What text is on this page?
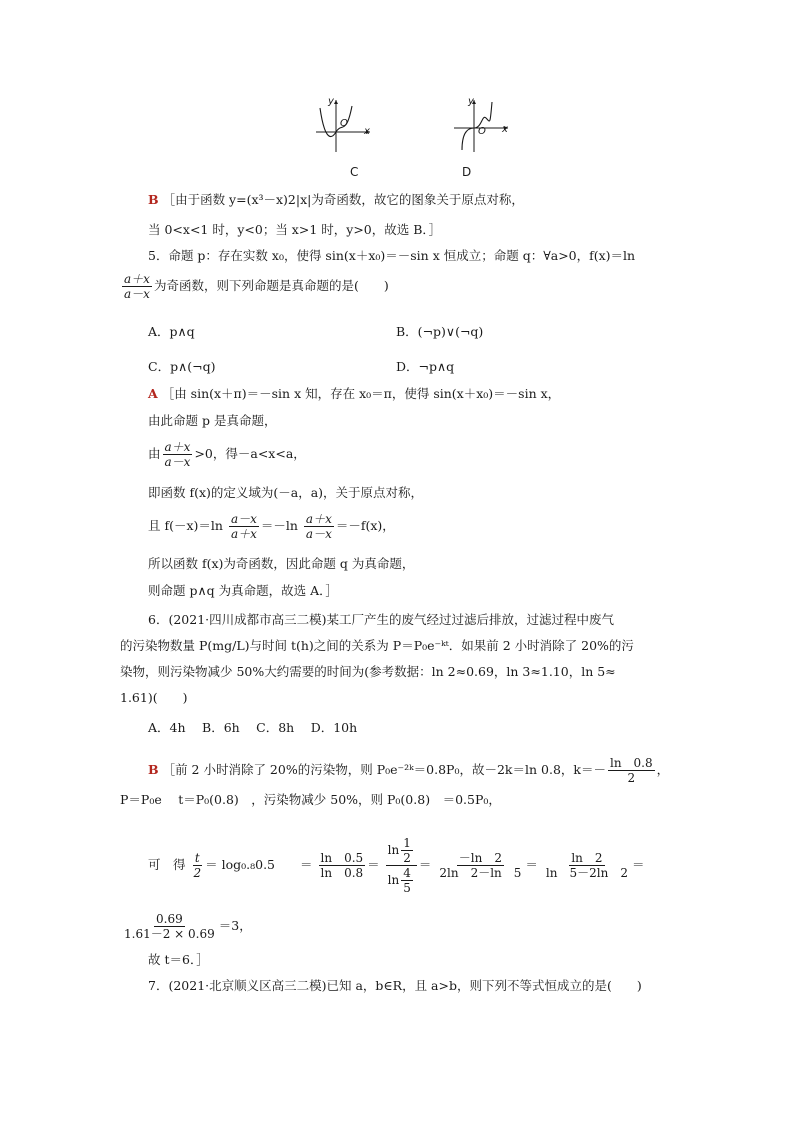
y
x
O
C
y
x
O
D
B ［由于函数 y=(x³－x)2|x|为奇函数，故它的图象关于原点对称，
当 0<x<1 时，y<0；当 x>1 时，y>0，故选 B．］
5．命题 p：存在实数 x₀，使得 sin(x＋x₀)＝－sin x 恒成立；命题 q：∀a>0，f(x)＝ln
$\frac{a+x}{a-x}$ 为奇函数，则下列命题是真命题的是(　　)
A．p∧q	B．(¬p)∨(¬q)
C．p∧(¬q)	D．¬p∧q
A ［由 sin(x＋π)＝－sin x 知，存在 x₀＝π，使得 sin(x＋x₀)＝－sin x，
由此命题 p 是真命题，
由 $\frac{a+x}{a-x} >0$，得－a<x<a，
即函数 f(x)的定义域为(－a，a)，关于原点对称，
且 $f(-x)=\ln \frac{a-x}{a+x} =-\ln \frac{a+x}{a-x} =-f(x)$，
所以函数 f(x)为奇函数，因此命题 q 为真命题，
则命题 p∧q 为真命题，故选 A．］
6．(2021·四川成都市高三二模)某工厂产生的废气经过过滤后排放，过滤过程中废气
的污染物数量 P(mg/L)与时间 t(h)之间的关系为 P＝P₀e⁻ᵏᵗ．如果前 2 小时消除了 20%的污
染物，则污染物减少 50%大约需要的时间为(参考数据：ln 2≈0.69，ln 3≈1.10，ln 5≈
1.61)(　　)
A．4h　 B．6h　 C．8h　 D．10h
B ［前 2 小时消除了 20%的污染物，则 P₀e⁻²ᵏ＝0.8P₀，故－2k＝ln 0.8，$k=- \frac{\ln 0.8}{2}$ ，
P＝P₀e　 t＝P₀(0.8)　，污染物减少 50%，则 P₀(0.8)　＝0.5P₀，
可　得 $\frac{t}{2} = \log_0._80.5$　　＝ $\frac{\ln 0.5}{\ln 0.8} = \frac{\ln \frac{1}{2}}{\ln \frac{4}{5}} = \frac{-\ln 2}{2\ln 2-\ln 5} = \frac{\ln 2}{\ln 5-2\ln 2}$ ＝
$\frac{0.69}{1.61-2 \times 0.69} =3$，
故 t＝6．］
7．(2021·北京顺义区高三二模)已知 a，b∈R，且 a>b，则下列不等式恒成立的是(　　)
